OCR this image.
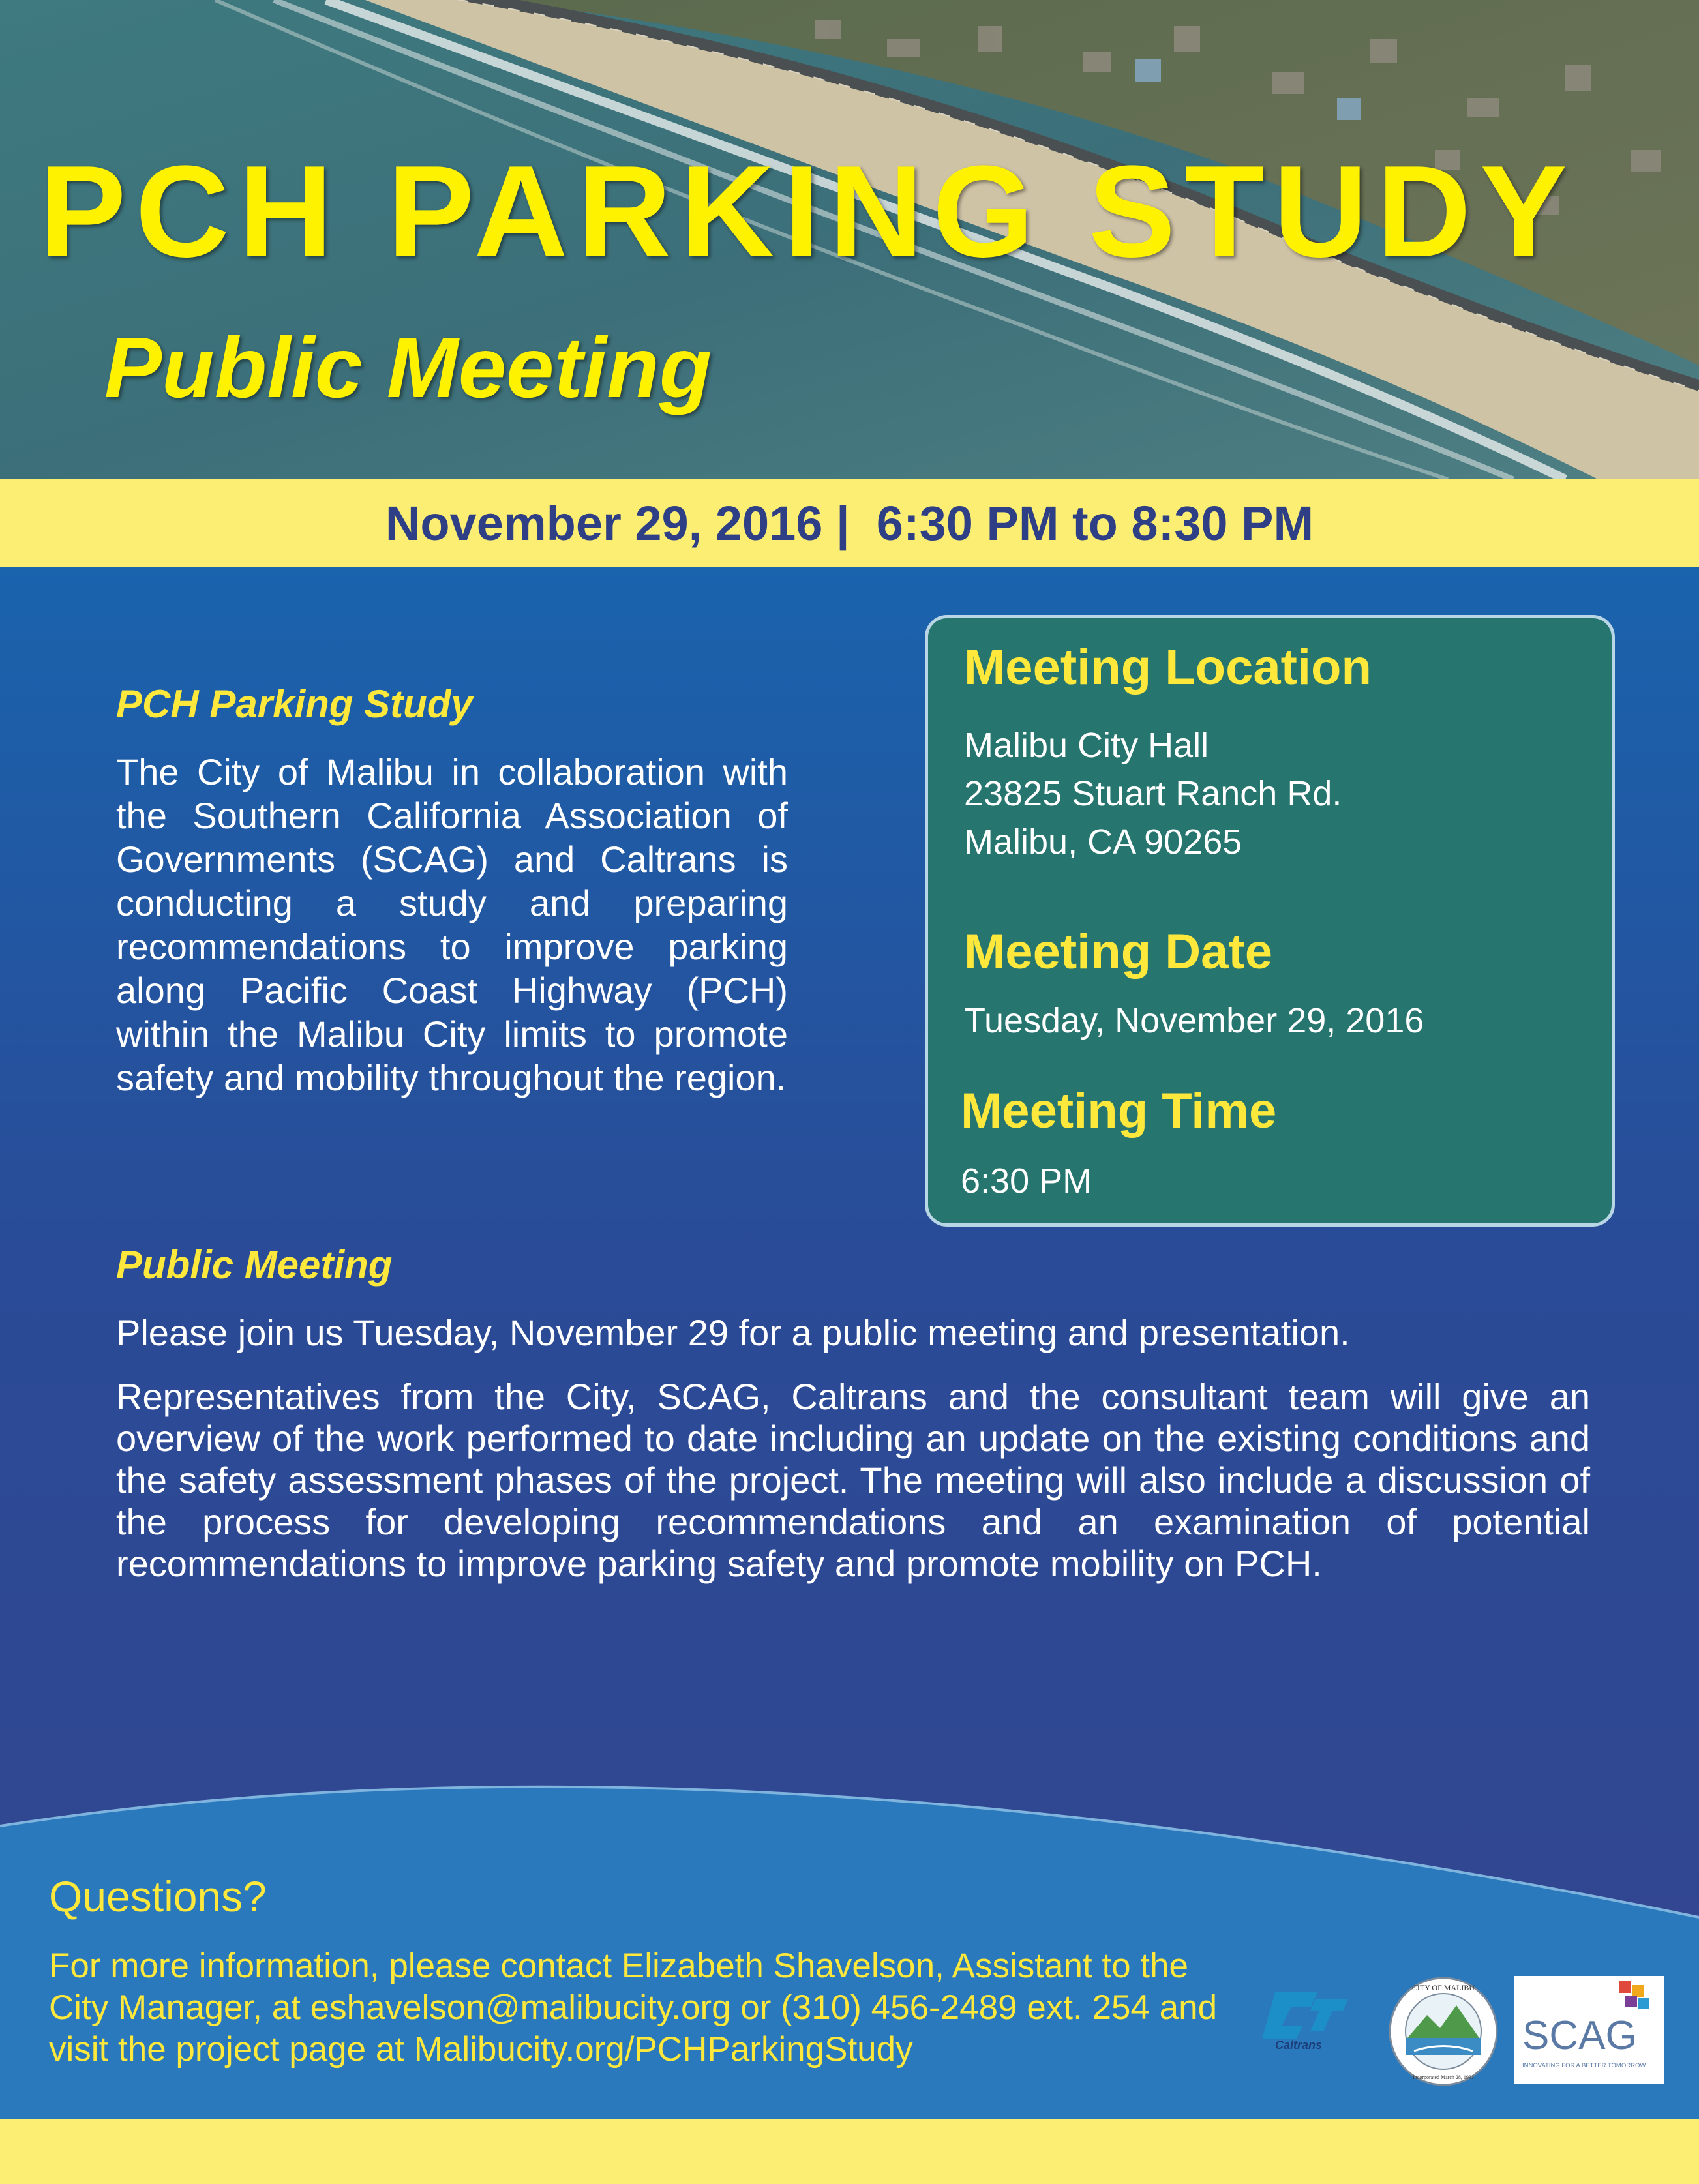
PCH PARKING STUDY
Public Meeting
November 29, 2016 |  6:30 PM to 8:30 PM
PCH Parking Study

The City of Malibu in collaboration with the Southern California Association of Governments (SCAG) and Caltrans is conducting a study and preparing recommendations to improve parking along Pacific Coast Highway (PCH) within the Malibu City limits to promote safety and mobility throughout the region.

Meeting Location

Malibu City Hall

23825 Stuart Ranch Rd.

Malibu, CA 90265

Meeting Date

Tuesday, November 29, 2016

Meeting Time

6:30 PM

Public Meeting

Please join us Tuesday, November 29 for a public meeting and presentation.

Representatives from the City, SCAG, Caltrans and the consultant team will give an overview of the work performed to date including an update on the existing conditions and the safety assessment phases of the project. The meeting will also include a discussion of the process for developing recommendations and an examination of potential recommendations to improve parking safety and promote mobility on PCH.

Questions?

For more information, please contact Elizabeth Shavelson, Assistant to the City Manager, at eshavelson@malibucity.org or (310) 456-2489 ext. 254 and visit the project page at Malibucity.org/PCHParkingStudy	Caltrans
CITY OF MALIBU
Incorporated March 28, 1991
SCAG
INNOVATING FOR A BETTER TOMORROW
